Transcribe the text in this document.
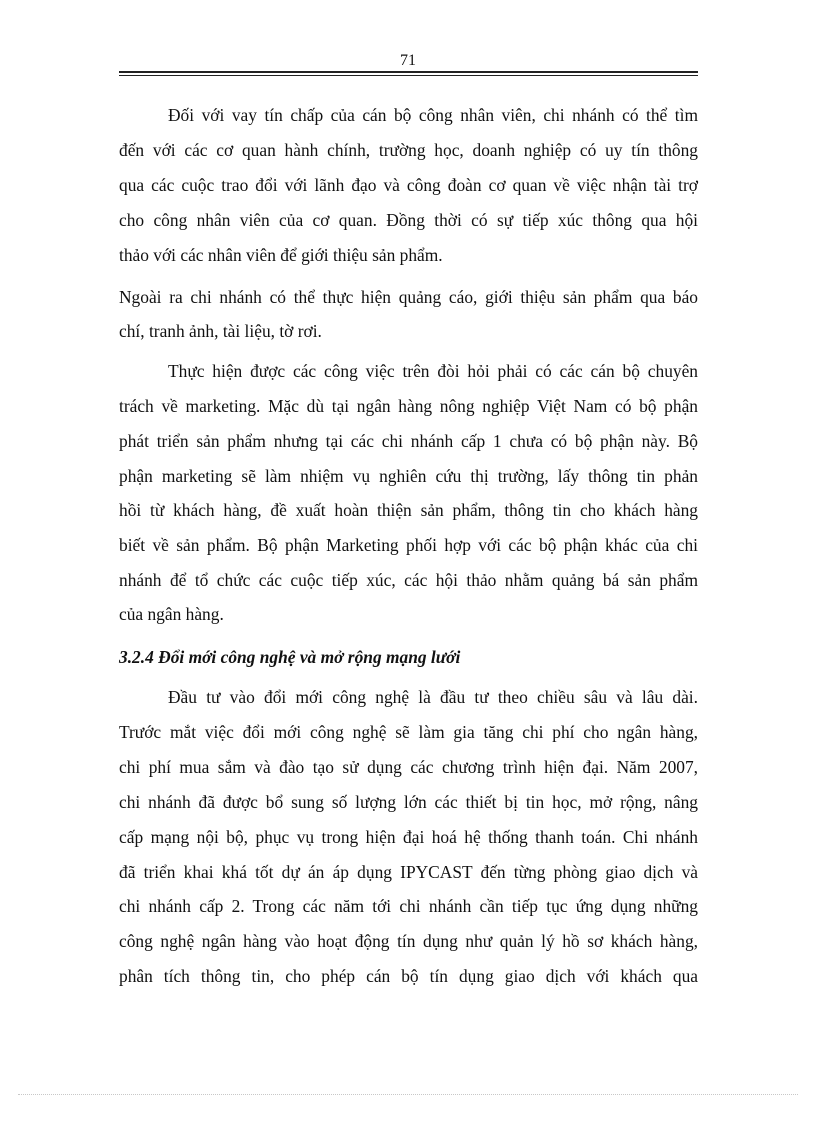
71
Đối với vay tín chấp của cán bộ công nhân viên, chi nhánh có thể tìm
đến với các cơ quan hành chính, trường học, doanh nghiệp có uy tín thông
qua các cuộc trao đổi với lãnh đạo và công đoàn cơ quan về việc nhận tài trợ
cho công nhân viên của cơ quan. Đồng thời có sự tiếp xúc thông qua hội
thảo với các nhân viên để giới thiệu sản phẩm.
Ngoài ra chi nhánh có thể thực hiện quảng cáo, giới thiệu sản phẩm qua báo
chí, tranh ảnh, tài liệu, tờ rơi.
Thực hiện được các công việc trên đòi hỏi phải có các cán bộ chuyên
trách về marketing. Mặc dù tại ngân hàng nông nghiệp Việt Nam có bộ phận
phát triển sản phẩm nhưng tại các chi nhánh cấp 1 chưa có bộ phận này. Bộ
phận marketing sẽ làm nhiệm vụ nghiên cứu thị trường, lấy thông tin phản
hồi từ khách hàng, đề xuất hoàn thiện sản phẩm, thông tin cho khách hàng
biết về sản phẩm. Bộ phận Marketing phối hợp với các bộ phận khác của chi
nhánh để tổ chức các cuộc tiếp xúc, các hội thảo nhằm quảng bá sản phẩm
của ngân hàng.
3.2.4 Đổi mới công nghệ và mở rộng mạng lưới
Đầu tư vào đổi mới công nghệ là đầu tư theo chiều sâu và lâu dài.
Trước mắt việc đổi mới công nghệ sẽ làm gia tăng chi phí cho ngân hàng,
chi phí mua sắm và đào tạo sử dụng các chương trình hiện đại. Năm 2007,
chi nhánh đã được bổ sung số lượng lớn các thiết bị tin học, mở rộng, nâng
cấp mạng nội bộ, phục vụ trong hiện đại hoá hệ thống thanh toán. Chi nhánh
đã triển khai khá tốt dự án áp dụng IPYCAST đến từng phòng giao dịch và
chi nhánh cấp 2. Trong các năm tới chi nhánh cần tiếp tục ứng dụng những
công nghệ ngân hàng vào hoạt động tín dụng như quản lý hồ sơ khách hàng,
phân tích thông tin, cho phép cán bộ tín dụng giao dịch với khách qua
